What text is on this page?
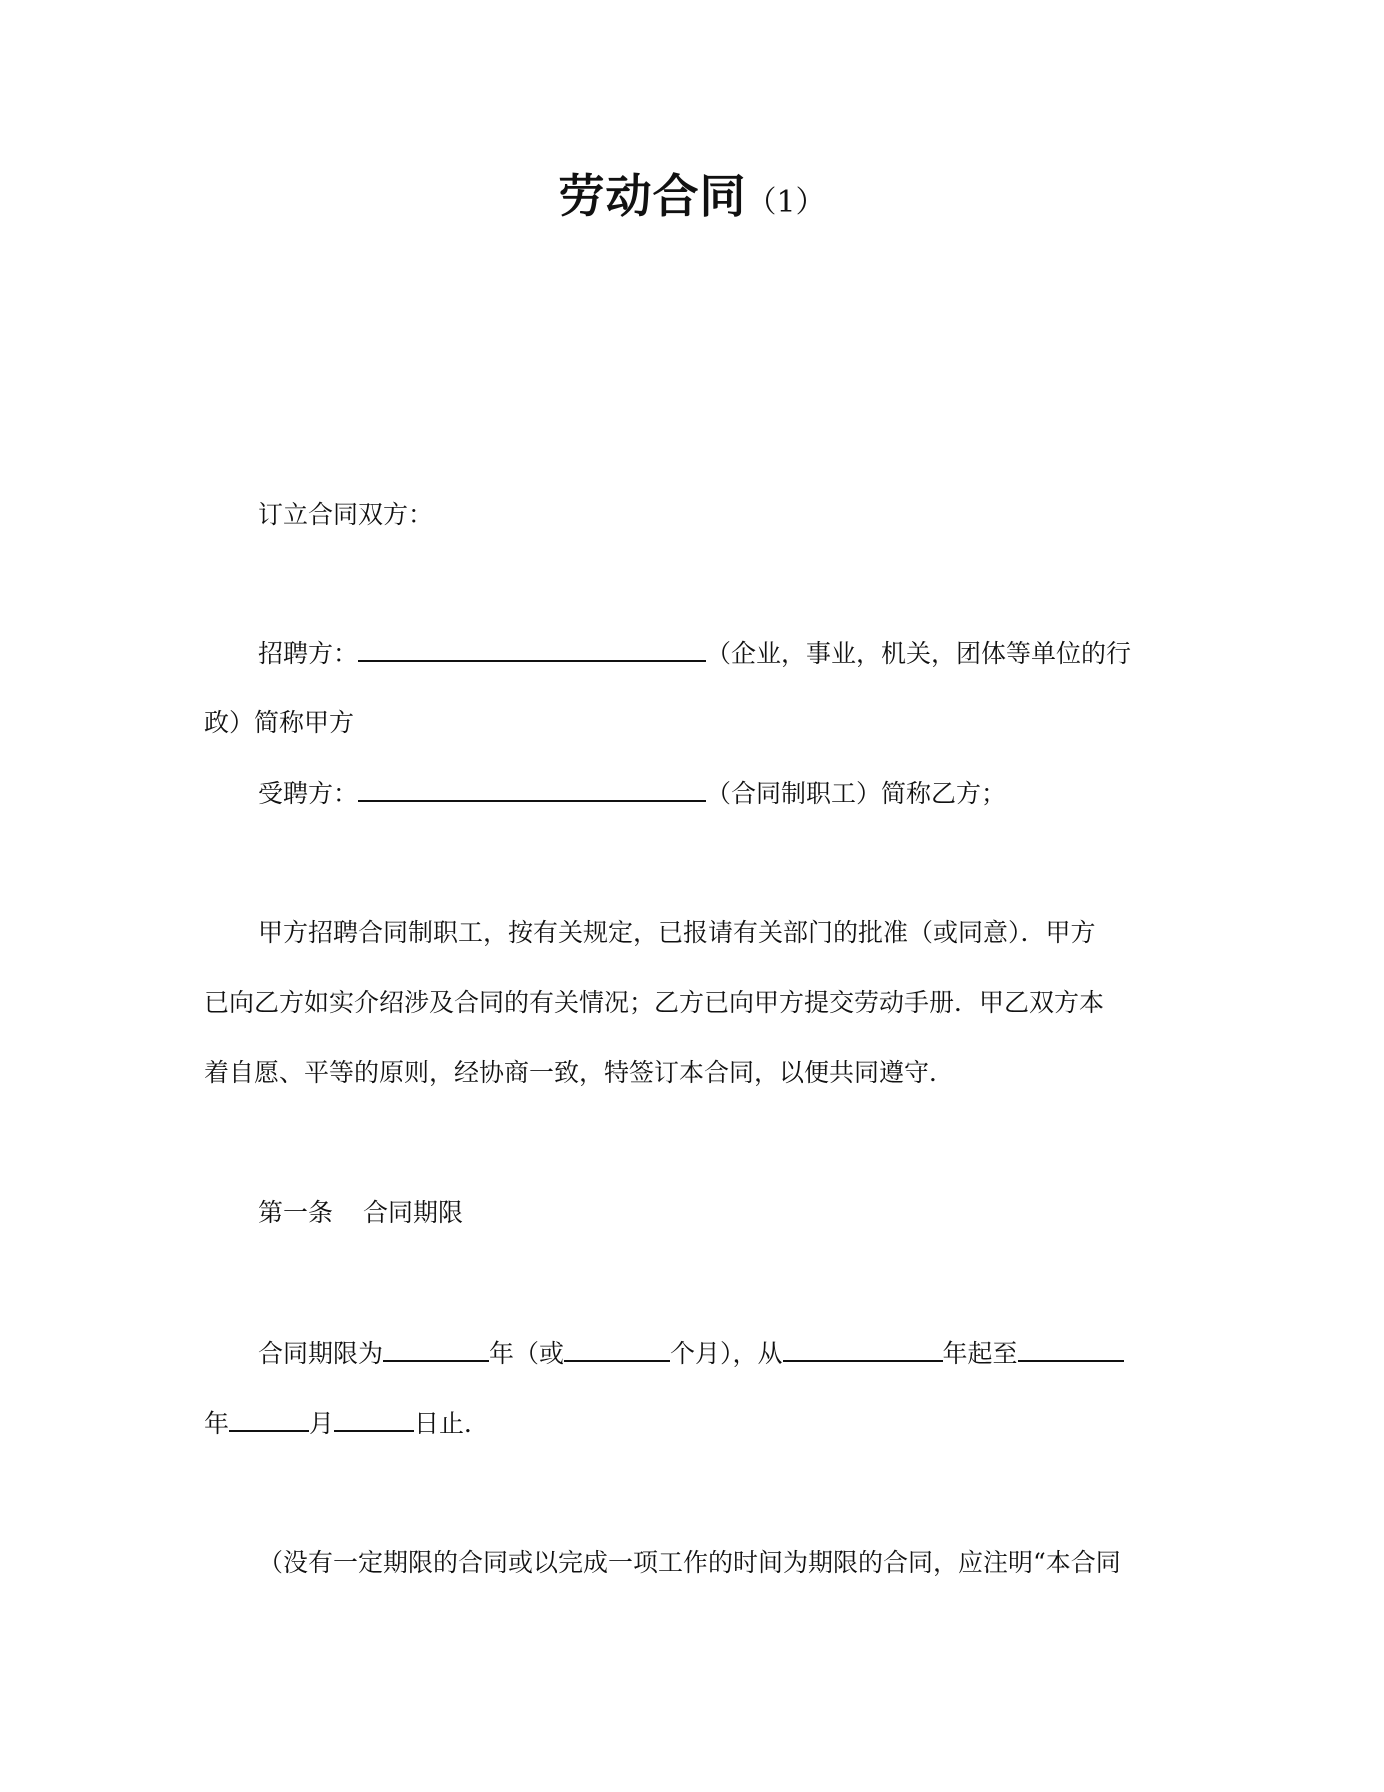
劳动合同（1）
订立合同双方：
招聘方：	（企业，事业，机关，团体等单位的行
政）简称甲方
受聘方：	（合同制职工）简称乙方；
甲方招聘合同制职工，按有关规定，已报请有关部门的批准（或同意）．甲方
已向乙方如实介绍涉及合同的有关情况；乙方已向甲方提交劳动手册．甲乙双方本
着自愿、平等的原则，经协商一致，特签订本合同，以便共同遵守．
第一条 合同期限
合同期限为	年（或	个月），从	年起至
年	月	日止．
（没有一定期限的合同或以完成一项工作的时间为期限的合同，应注明“本合同
